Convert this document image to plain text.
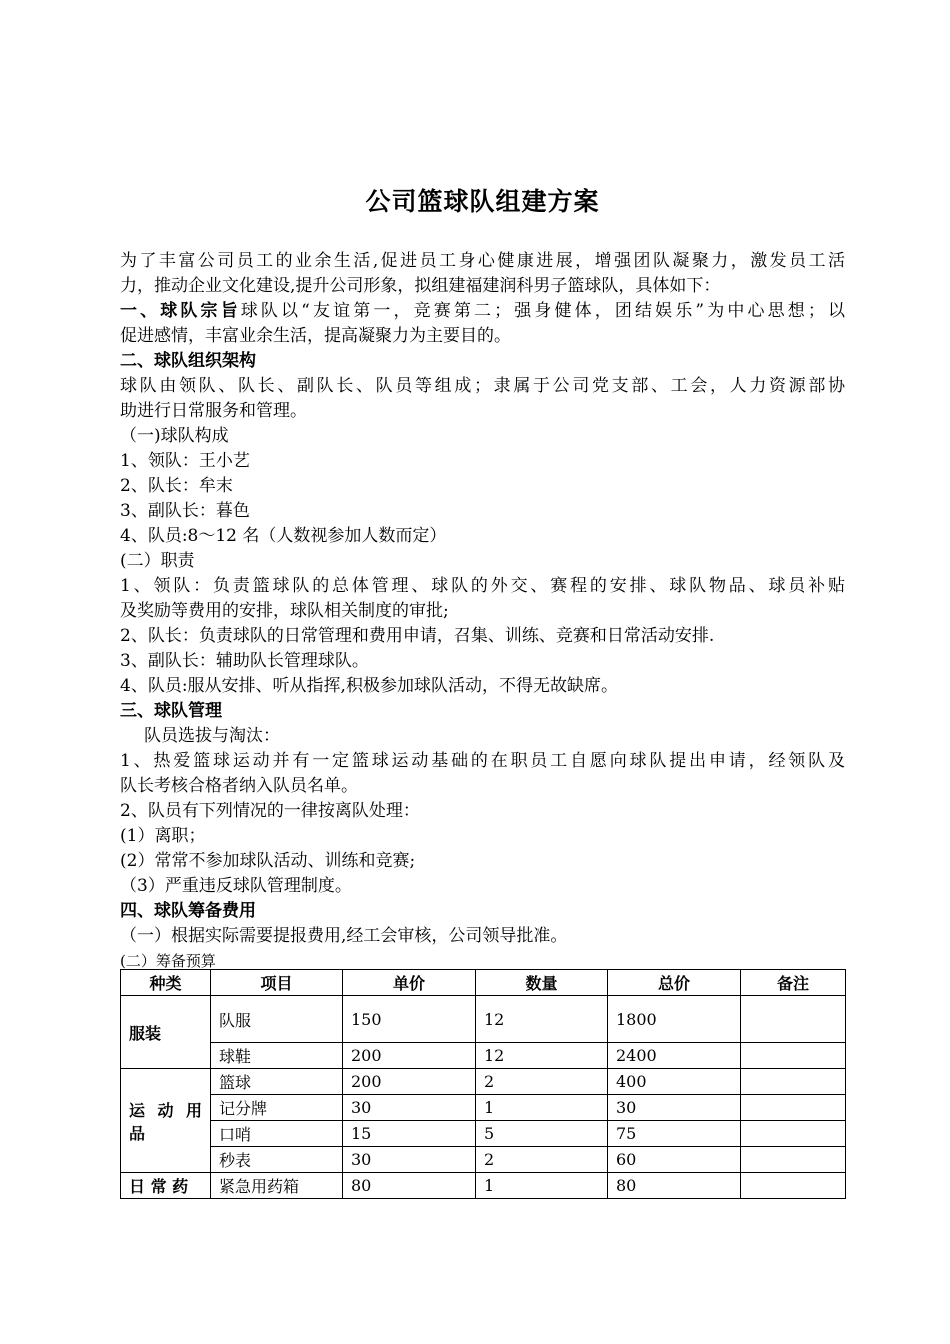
公司篮球队组建方案
为了丰富公司员工的业余生活,促进员工身心健康进展，增强团队凝聚力，激发员工活
力，推动企业文化建设,提升公司形象，拟组建福建润科男子篮球队，具体如下：
一、球队宗旨球队以“友谊第一，竞赛第二；强身健体，团结娱乐”为中心思想；以
促进感情，丰富业余生活，提高凝聚力为主要目的。
二、球队组织架构
球队由领队、队长、副队长、队员等组成；隶属于公司党支部、工会，人力资源部协
助进行日常服务和管理。
（一)球队构成
1、领队：王小艺
2、队长：牟末
3、副队长：暮色
4、队员:8～12 名（人数视参加人数而定）
(二）职责
1、领队：负责篮球队的总体管理、球队的外交、赛程的安排、球队物品、球员补贴
及奖励等费用的安排，球队相关制度的审批;
2、队长：负责球队的日常管理和费用申请，召集、训练、竞赛和日常活动安排.
3、副队长：辅助队长管理球队。
4、队员:服从安排、听从指挥,积极参加球队活动，不得无故缺席。
三、球队管理
队员选拔与淘汰：
1、热爱篮球运动并有一定篮球运动基础的在职员工自愿向球队提出申请，经领队及
队长考核合格者纳入队员名单。
2、队员有下列情况的一律按离队处理：
(1）离职；
(2）常常不参加球队活动、训练和竞赛;
（3）严重违反球队管理制度。
四、球队筹备费用
（一）根据实际需要提报费用,经工会审核，公司领导批准。
(二）筹备预算
种类	项目	单价	数量	总价	备注
服装	队服	150	12	1800	
	球鞋	200	12	2400	
运 动 用 品	篮球	200	2	400	
	记分牌	30	1	30	
	口哨	15	5	75	
	秒表	30	2	60	
日 常 药	紧急用药箱	80	1	80	
